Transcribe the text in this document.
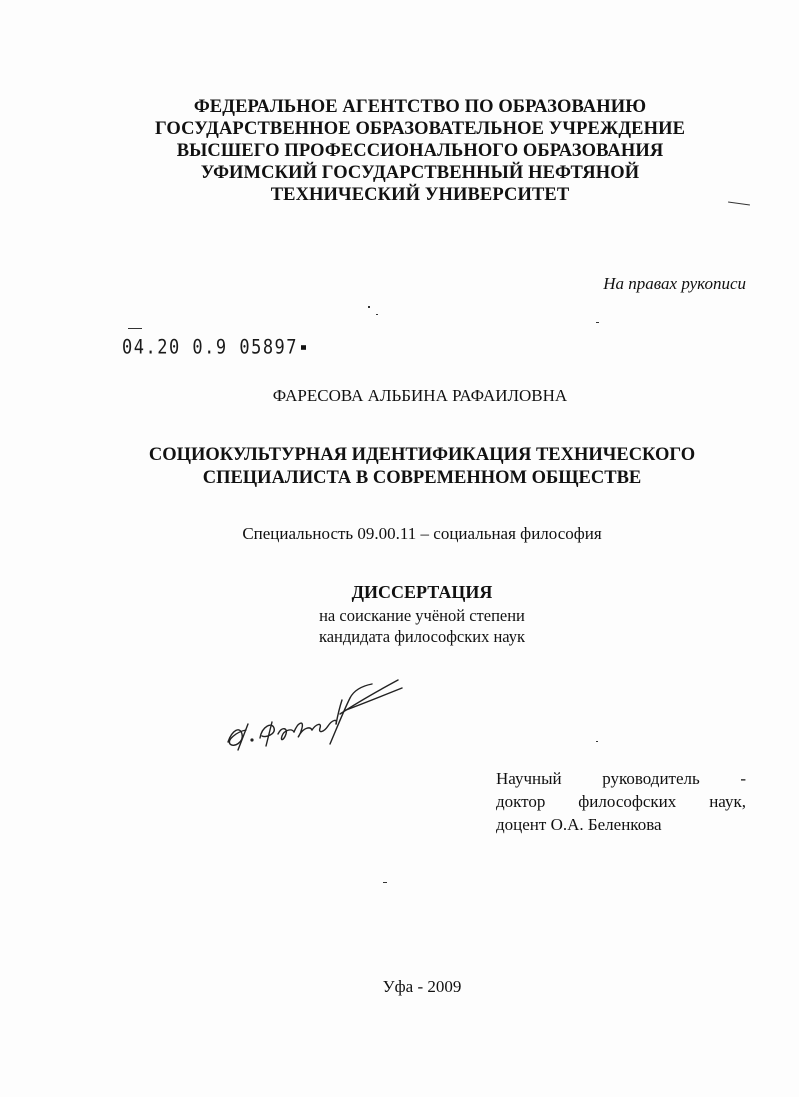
ФЕДЕРАЛЬНОЕ АГЕНТСТВО ПО ОБРАЗОВАНИЮ
ГОСУДАРСТВЕННОЕ ОБРАЗОВАТЕЛЬНОЕ УЧРЕЖДЕНИЕ
ВЫСШЕГО ПРОФЕССИОНАЛЬНОГО ОБРАЗОВАНИЯ
УФИМСКИЙ ГОСУДАРСТВЕННЫЙ НЕФТЯНОЙ
ТЕХНИЧЕСКИЙ УНИВЕРСИТЕТ
На правах рукописи
04.20 0.9 05897
ФАРЕСОВА АЛЬБИНА РАФАИЛОВНА
СОЦИОКУЛЬТУРНАЯ ИДЕНТИФИКАЦИЯ ТЕХНИЧЕСКОГО
СПЕЦИАЛИСТА В СОВРЕМЕННОМ ОБЩЕСТВЕ
Специальность 09.00.11 – социальная философия
ДИССЕРТАЦИЯ
на соискание учёной степени
кандидата философских наук
Научный руководитель -
доктор философских наук,
доцент О.А. Беленкова
Уфа - 2009
